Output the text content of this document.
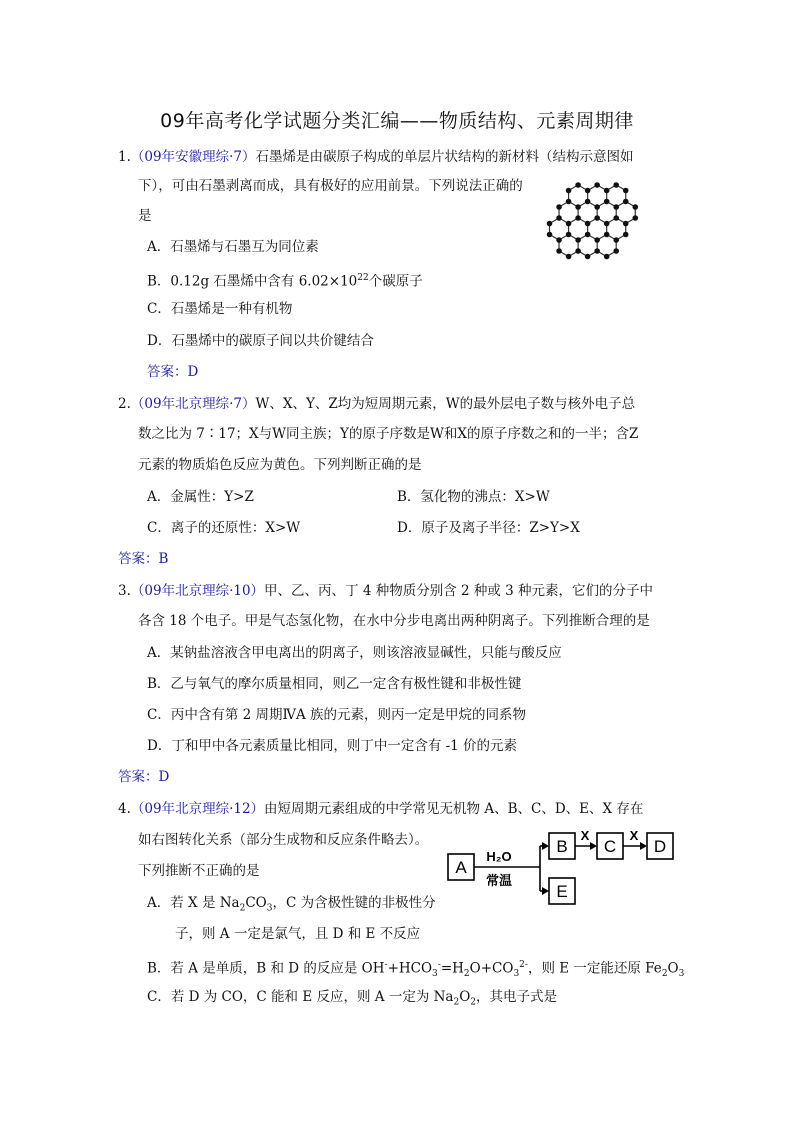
09年高考化学试题分类汇编——物质结构、元素周期律
1.（09年安徽理综·7）石墨烯是由碳原子构成的单层片状结构的新材料（结构示意图如
下），可由石墨剥离而成，具有极好的应用前景。下列说法正确的
是
A．石墨烯与石墨互为同位素
B．0.12g 石墨烯中含有 $6.02\times 10^{22}$个碳原子
C．石墨烯是一种有机物
D．石墨烯中的碳原子间以共价键结合
答案：D
2.（09年北京理综·7）W、X、Y、Z均为短周期元素，W的最外层电子数与核外电子总
数之比为 7∶17；X与W同主族；Y的原子序数是W和X的原子序数之和的一半；含Z
元素的物质焰色反应为黄色。下列判断正确的是
A．金属性：Y>Z	B．氢化物的沸点：X>W
C．离子的还原性：X>W	D．原子及离子半径：Z>Y>X
答案：B
3.（09年北京理综·10）甲、乙、丙、丁 4 种物质分别含 2 种或 3 种元素，它们的分子中
各含 18 个电子。甲是气态氢化物，在水中分步电离出两种阴离子。下列推断合理的是
A．某钠盐溶液含甲电离出的阴离子，则该溶液显碱性，只能与酸反应
B．乙与氧气的摩尔质量相同，则乙一定含有极性键和非极性键
C．丙中含有第 2 周期ⅣA 族的元素，则丙一定是甲烷的同系物
D．丁和甲中各元素质量比相同，则丁中一定含有 -1 价的元素
答案：D
4.（09年北京理综·12）由短周期元素组成的中学常见无机物 A、B、C、D、E、X 存在
如右图转化关系（部分生成物和反应条件略去）。
下列推断不正确的是
A．若 X 是 $Na_2CO_3$，C 为含极性键的非极性分
子，则 A 一定是氯气，且 D 和 E 不反应
B．若 A 是单质，B 和 D 的反应是 $OH^-+HCO_3^-=H_2O+CO_3^{2-}$，则 E 一定能还原 $Fe_2O_3$
C．若 D 为 CO，C 能和 E 反应，则 A 一定为 $Na_2O_2$，其电子式是
A
B C D
E
X	X
H₂O
常温
